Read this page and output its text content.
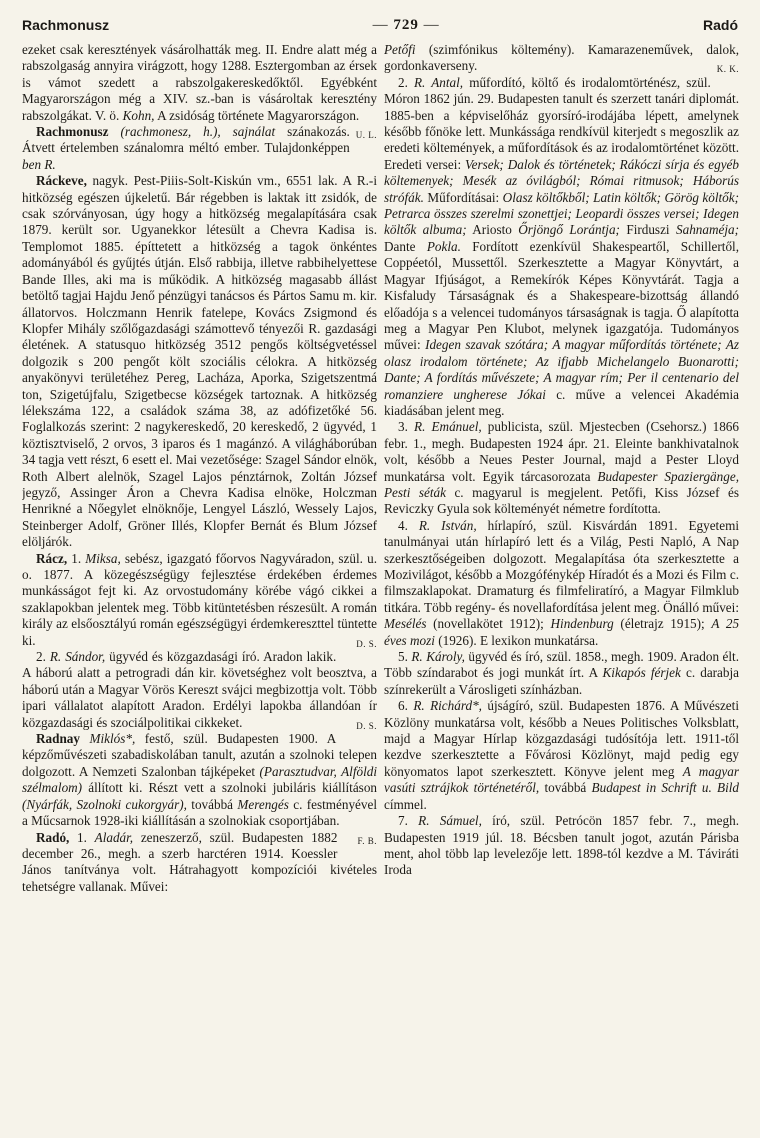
Rachmonusz
—	729 —	Radó

ezeket csak keresztények vásárolhatták meg. II. Endre alatt még a rabszolgaság annyira virágzott, hogy 1288. Esztergomban az érsek is vámot szedett a rabszolgakereskedőktől. Egyébként Magyarországon még a XIV. sz.-ban is vásároltak keresztény rabszolgákat. V. ö. Kohn, A zsidóság története Magyarországon.
U. L.

Rachmonusz (rachmonesz, h.), sajnálat szánakozás. Átvett értelemben szánalomra méltó ember. Tulajdonképpen ben R.

Ráckeve, nagyk. Pest-Piiis-Solt-Kiskún vm., 6551 lak. A R.-i hitközség egészen újkeletű. Bár régebben is laktak itt zsidók, de csak szórványosan, úgy hogy a hitközség megalapítására csak 1879. került sor. Ugyanekkor létesült a Chevra Kadisa is. Templomot 1885. építtetett a hitközség a tagok önkéntes adományából és gyűjtés útján. Első rabbija, illetve rabbihelyettese Bande Illes, aki ma is működik. A hitközség magasabb állást betöltő tagjai Hajdu Jenő pénzügyi tanácsos és Pártos Samu m. kir. állatorvos. Holczmann Henrik fatelepe, Kovács Zsigmond és Klopfer Mihály szőlőgazdasági számottevő tényezői R. gazdasági életének. A statusquo hitközség 3512 pengős költségvetéssel dolgozik s 200 pengőt költ szociális célokra. A hitközség anyakönyvi területéhez Pereg, Lacháza, Aporka, Szigetszentmá ton, Szigetújfalu, Szigetbecse községek tartoznak. A hitközség lélekszáma 122, a családok száma 38, az adófizetőké 56. Foglalkozás szerint: 2 nagykereskedő, 20 kereskedő, 2 ügyvéd, 1 köztisztviselő, 2 orvos, 3 iparos és 1 magánzó. A világháborúban 34 tagja vett részt, 6 esett el. Mai vezetősége: Szagel Sándor elnök, Roth Albert alelnök, Szagel Lajos pénztárnok, Zoltán József jegyző, Assinger Áron a Chevra Kadisa elnöke, Holczman Henrikné a Nőegylet elnöknője, Lengyel László, Wessely Lajos, Steinberger Adolf, Gröner Illés, Klopfer Bernát és Blum József elöljárók.

Rácz, 1. Miksa, sebész, igazgató főorvos Nagyváradon, szül. u. o. 1877. A közegészségügy fejlesztése érdekében érdemes munkásságot fejt ki. Az orvostudomány körébe vágó cikkei a szaklapokban jelentek meg. Több kitüntetésben részesült. A román király az elsőosztályú román egészségügyi érdemkereszttel tüntette ki.	D. S.

2. R. Sándor, ügyvéd és közgazdasági író. Aradon lakik. A háború alatt a petrogradi dán kir. követséghez volt beosztva, a háború után a Magyar Vörös Kereszt svájci megbizottja volt. Több ipari vállalatot alapított Aradon. Erdélyi lapokba állandóan ír közgazdasági és szociálpolitikai cikkeket.	D. S.

Radnay Miklós*, festő, szül. Budapesten 1900. A képzőművészeti szabadiskolában tanult, azután a szolnoki telepen dolgozott. A Nemzeti Szalonban tájképeket (Parasztudvar, Alföldi szélmalom) állított ki. Részt vett a szolnoki jubiláris kiállításon (Nyárfák, Szolnoki cukorgyár), továbbá Merengés c. festményével a Műcsarnok 1928-iki kiállításán a szolnokiak csoportjában.
F. B.

Radó, 1. Aladár, zeneszerző, szül. Budapesten 1882 december 26., megh. a szerb harctéren 1914. Koessler János tanítványa volt. Hátrahagyott kompozíciói kivételes tehetségre vallanak. Művei:

Petőfi (szimfónikus költemény). Kamarazeneművek, dalok, gordonkaverseny.	K. K.

2. R. Antal, műfordító, költő és irodalomtörténész, szül. Móron 1862 jún. 29. Budapesten tanult és szerzett tanári diplomát. 1885-ben a képviselőház gyorsíró-irodájába lépett, amelynek később főnöke lett. Munkássága rendkívül kiterjedt s megoszlik az eredeti költemények, a műfordítások és az irodalomtörténet között. Eredeti versei: Versek; Dalok és történetek; Rákóczi sírja és egyéb költemenyek; Mesék az óvilágból; Római ritmusok; Háborús strófák. Műfordításai: Olasz költőkből; Latin költők; Görög költők; Petrarca összes szerelmi szonettjei; Leopardi összes versei; Idegen költők albuma; Ariosto Őrjöngő Lorántja; Firduszi Sahnaméja; Dante Pokla. Fordított ezenkívül Shakespeartől, Schillertől, Coppéetól, Mussettől. Szerkesztette a Magyar Könyvtárt, a Magyar Ifjúságot, a Remekírók Képes Könyvtárát. Tagja a Kisfaludy Társaságnak és a Shakespeare-bizottság állandó előadója s a velencei tudományos társaságnak is tagja. Ő alapította meg a Magyar Pen Klubot, melynek igazgatója. Tudományos művei: Idegen szavak szótára; A magyar műfordítás története; Az olasz irodalom története; Az ifjabb Michelangelo Buonarotti; Dante; A fordítás művészete; A magyar rím; Per il centenario del romanziere ungherese Jókai c. műve a velencei Akadémia kiadásában jelent meg.

3. R. Emánuel, publicista, szül. Mjestecben (Csehorsz.) 1866 febr. 1., megh. Budapesten 1924 ápr. 21. Eleinte bankhivatalnok volt, később a Neues Pester Journal, majd a Pester Lloyd munkatársa volt. Egyik tárcasorozata Budapester Spaziergänge, Pesti séták c. magyarul is megjelent. Petőfi, Kiss József és Reviczky Gyula sok költeményét németre fordította.

4. R. István, hírlapíró, szül. Kisvárdán 1891. Egyetemi tanulmányai után hírlapíró lett és a Világ, Pesti Napló, A Nap szerkesztőségeiben dolgozott. Megalapítása óta szerkesztette a Mozivilágot, később a Mozgófénykép Híradót és a Mozi és Film c. filmszaklapokat. Dramaturg és filmfeliratíró, a Magyar Filmklub titkára. Több regény- és novellafordítása jelent meg. Önálló művei: Mesélés (novellakötet 1912); Hindenburg (életrajz 1915); A 25 éves mozi (1926). E lexikon munkatársa.

5. R. Károly, ügyvéd és író, szül. 1858., megh. 1909. Aradon élt. Több színdarabot és jogi munkát írt. A Kikapós férjek c. darabja színrekerült a Városligeti színházban.

6. R. Richárd*, újságíró, szül. Budapesten 1876. A Művészeti Közlöny munkatársa volt, később a Neues Politisches Volksblatt, majd a Magyar Hírlap közgazdasági tudósítója lett. 1911-től kezdve szerkesztette a Fővárosi Közlönyt, majd pedig egy könyomatos lapot szerkesztett. Könyve jelent meg A magyar vasúti sztrájkok történetéről, továbbá Budapest in Schrift u. Bild címmel.

7. R. Sámuel, író, szül. Petrócön 1857 febr. 7., megh. Budapesten 1919 júl. 18. Bécsben tanult jogot, azután Párisba ment, ahol több lap levelezője lett. 1898-tól kezdve a M. Táviráti Iroda
